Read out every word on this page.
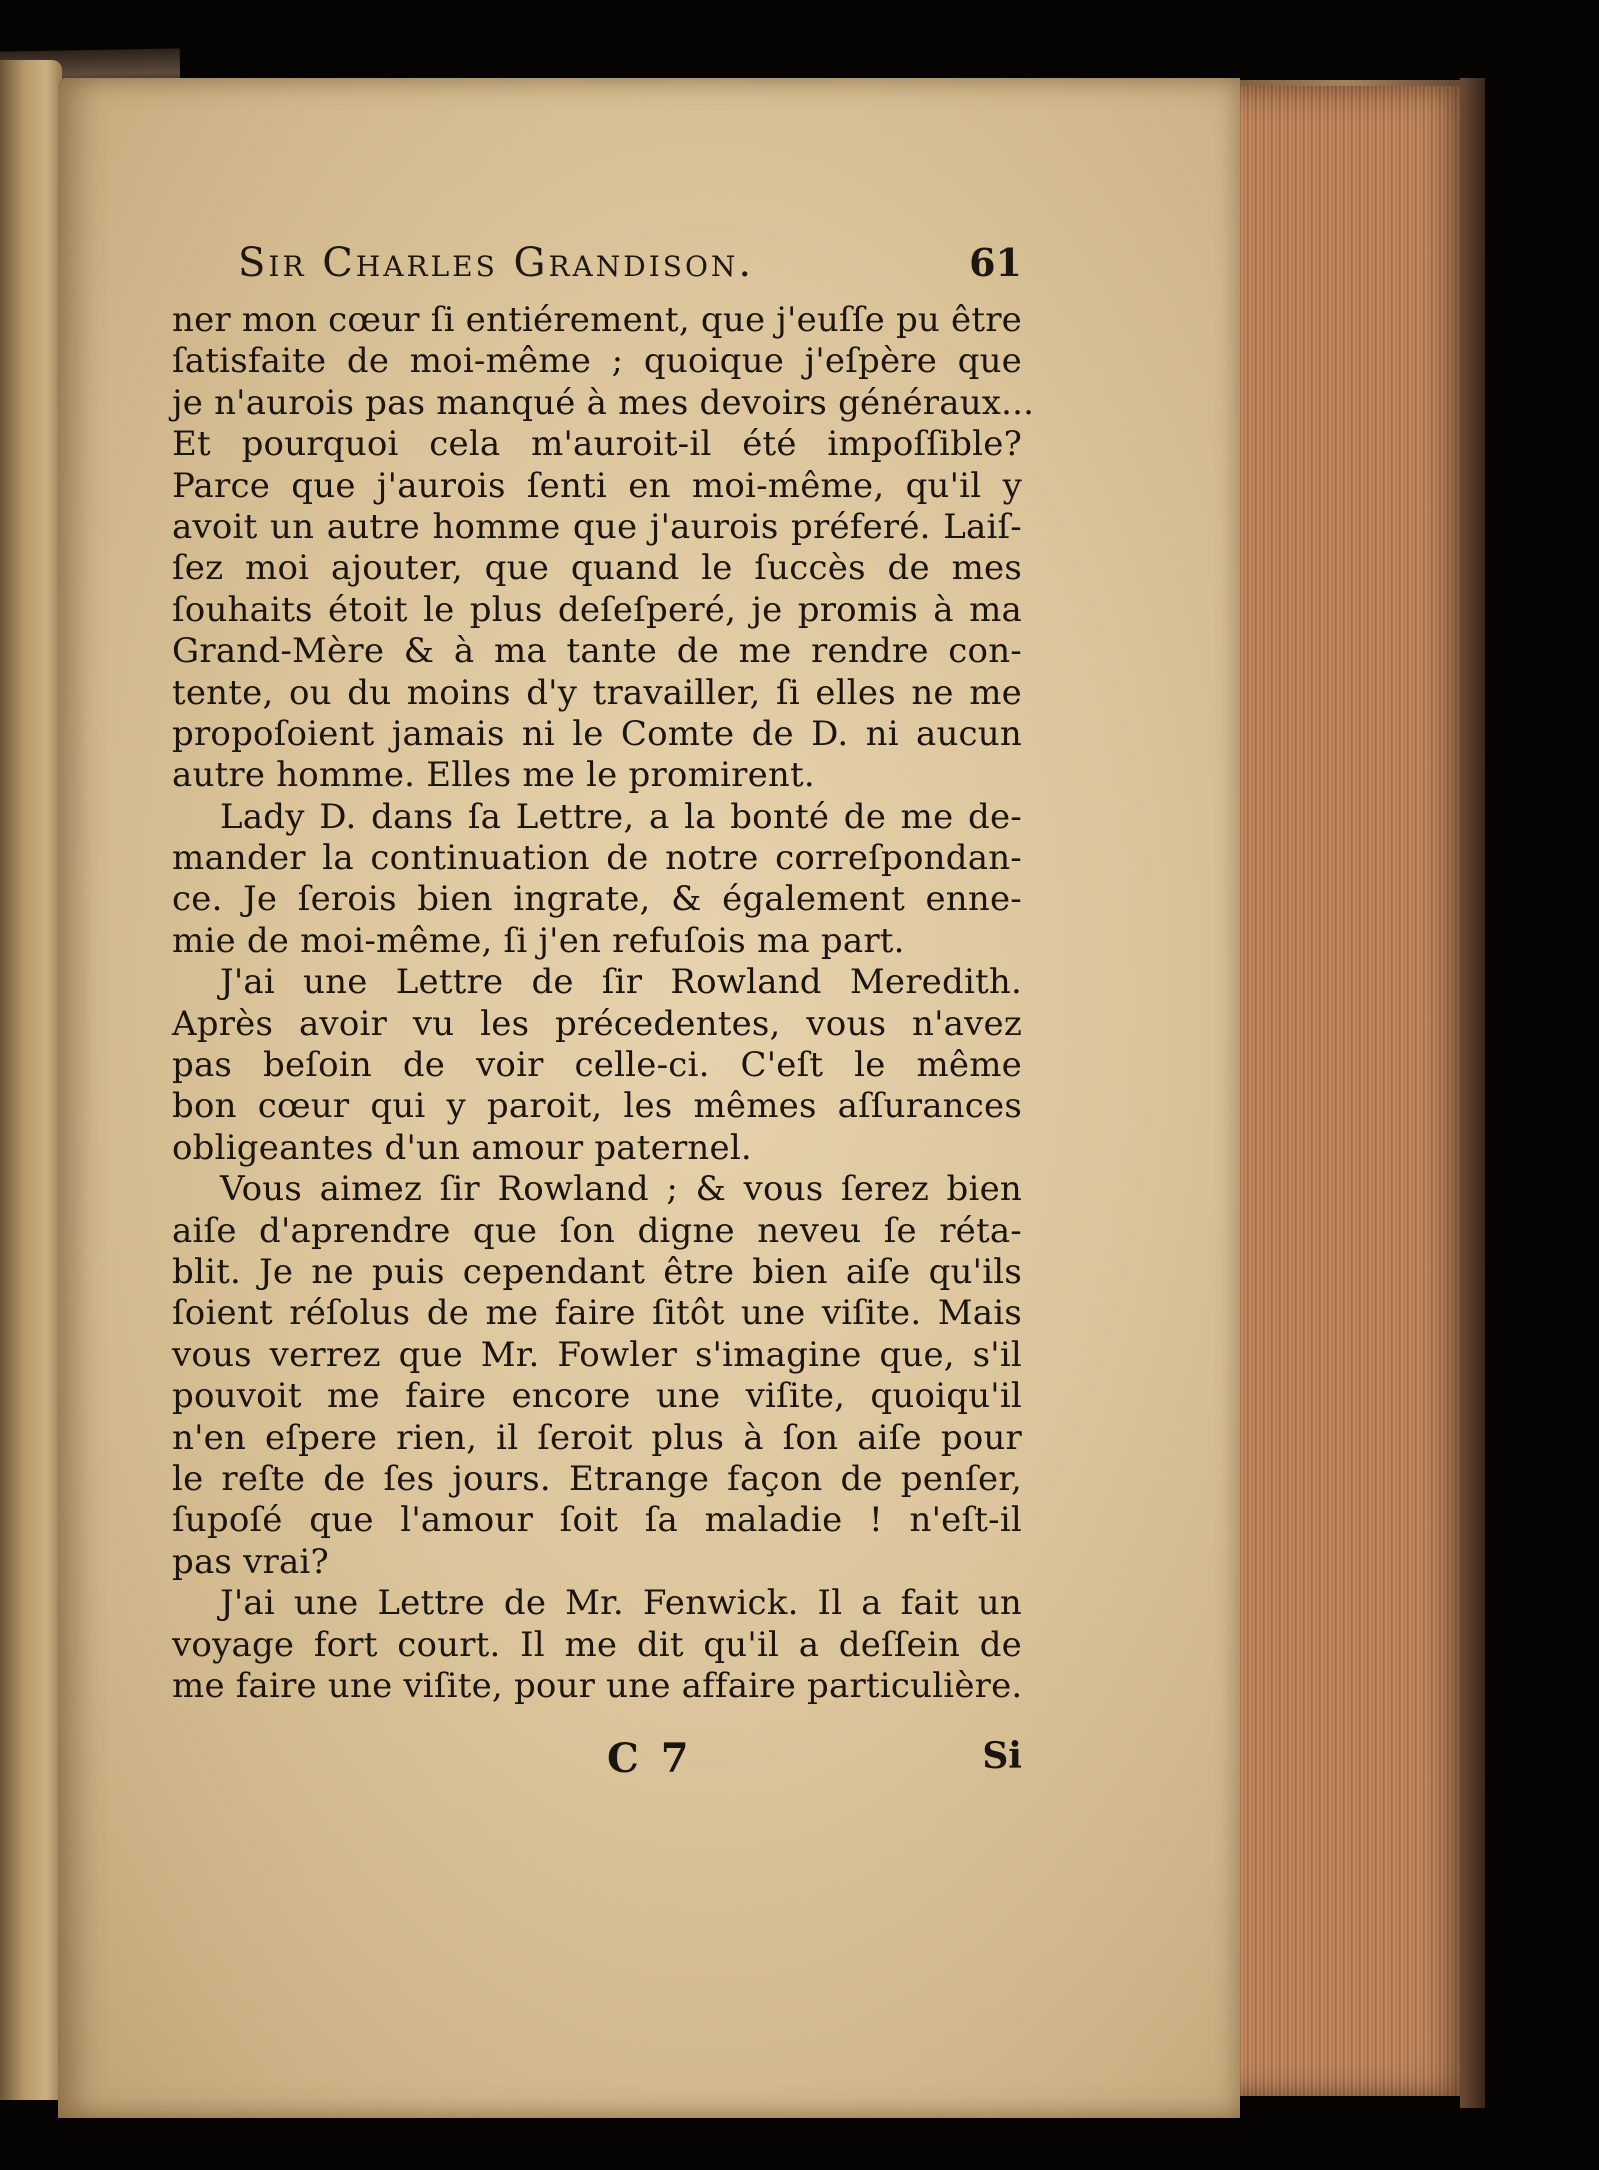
Sir Charles Grandison.	61
ner mon cœur ſi entiérement, que j'euſſe pu être
ſatisfaite de moi-même ; quoique j'eſpère que
je n'aurois pas manqué à mes devoirs généraux...
Et pourquoi cela m'auroit-il été impoſſible?
Parce que j'aurois ſenti en moi-même, qu'il y
avoit un autre homme que j'aurois préferé. Laiſ-
ſez moi ajouter, que quand le ſuccès de mes
ſouhaits étoit le plus deſeſperé, je promis à ma
Grand-Mère & à ma tante de me rendre con-
tente, ou du moins d'y travailler, ſi elles ne me
propoſoient jamais ni le Comte de D. ni aucun
autre homme. Elles me le promirent.
Lady D. dans ſa Lettre, a la bonté de me de-
mander la continuation de notre correſpondan-
ce. Je ſerois bien ingrate, & également enne-
mie de moi-même, ſi j'en refuſois ma part.
J'ai une Lettre de ſir Rowland Meredith.
Après avoir vu les précedentes, vous n'avez
pas beſoin de voir celle-ci. C'eſt le même
bon cœur qui y paroit, les mêmes aſſurances
obligeantes d'un amour paternel.
Vous aimez ſir Rowland ; & vous ſerez bien
aiſe d'aprendre que ſon digne neveu ſe réta-
blit. Je ne puis cependant être bien aiſe qu'ils
ſoient réſolus de me faire ſitôt une viſite. Mais
vous verrez que Mr. Fowler s'imagine que, s'il
pouvoit me faire encore une viſite, quoiqu'il
n'en eſpere rien, il ſeroit plus à ſon aiſe pour
le reſte de ſes jours. Etrange façon de penſer,
ſupoſé que l'amour ſoit ſa maladie ! n'eſt-il
pas vrai?
J'ai une Lettre de Mr. Fenwick. Il a fait un
voyage fort court. Il me dit qu'il a deſſein de
me faire une viſite, pour une affaire particulière.
C 7	Si
